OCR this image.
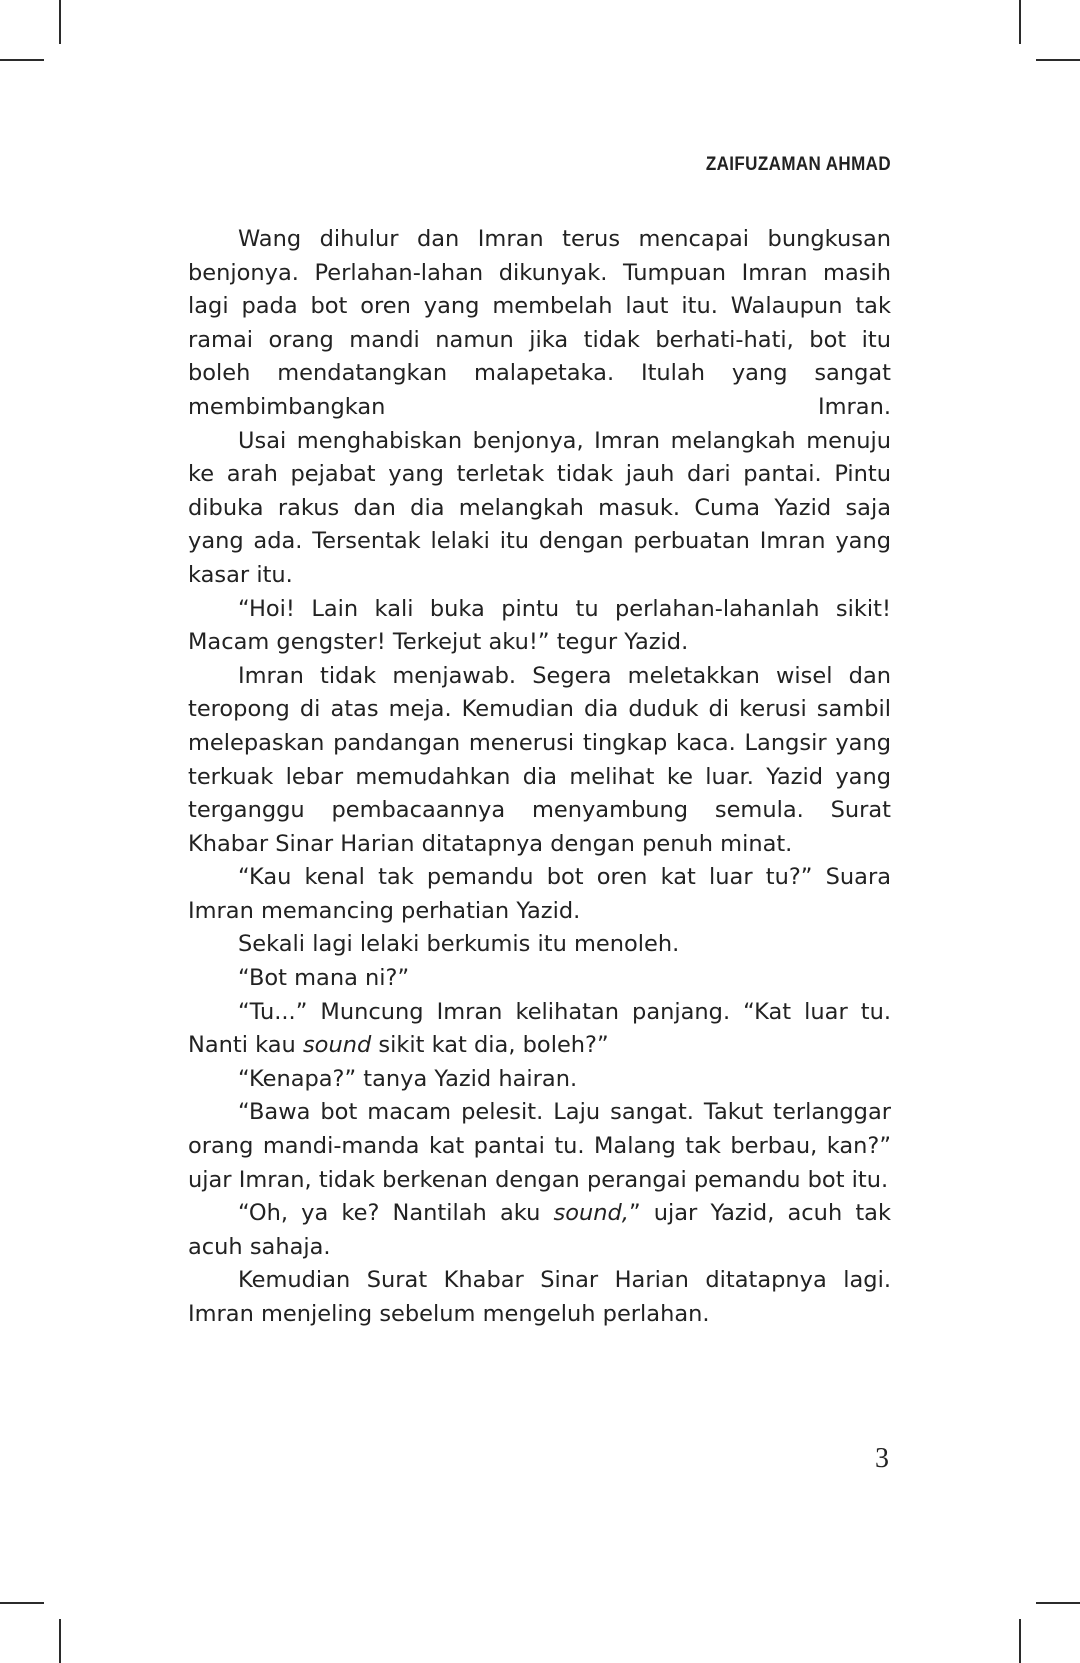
ZAIFUZAMAN AHMAD

Wang dihulur dan Imran terus mencapai bungkusan benjonya. Perlahan-lahan dikunyak. Tumpuan Imran masih lagi pada bot oren yang membelah laut itu. Walaupun tak ramai orang mandi namun jika tidak berhati-hati, bot itu boleh mendatangkan malapetaka. Itulah yang sangat membimbangkan Imran.

Usai menghabiskan benjonya, Imran melangkah menuju ke arah pejabat yang terletak tidak jauh dari pantai. Pintu dibuka rakus dan dia melangkah masuk. Cuma Yazid saja yang ada. Tersentak lelaki itu dengan perbuatan Imran yang kasar itu.

“Hoi! Lain kali buka pintu tu perlahan-lahanlah sikit! Macam gengster! Terkejut aku!” tegur Yazid.

Imran tidak menjawab. Segera meletakkan wisel dan teropong di atas meja. Kemudian dia duduk di kerusi sambil melepaskan pandangan menerusi tingkap kaca. Langsir yang terkuak lebar memudahkan dia melihat ke luar. Yazid yang terganggu pembacaannya menyambung semula. Surat Khabar Sinar Harian ditatapnya dengan penuh minat.

“Kau kenal tak pemandu bot oren kat luar tu?” Suara Imran memancing perhatian Yazid.

Sekali lagi lelaki berkumis itu menoleh.

“Bot mana ni?”

“Tu...” Muncung Imran kelihatan panjang. “Kat luar tu. Nanti kau sound sikit kat dia, boleh?”

“Kenapa?” tanya Yazid hairan.

“Bawa bot macam pelesit. Laju sangat. Takut terlanggar orang mandi-manda kat pantai tu. Malang tak berbau, kan?” ujar Imran, tidak berkenan dengan perangai pemandu bot itu.

“Oh, ya ke? Nantilah aku sound,” ujar Yazid, acuh tak acuh sahaja.

Kemudian Surat Khabar Sinar Harian ditatapnya lagi. Imran menjeling sebelum mengeluh perlahan.

3
